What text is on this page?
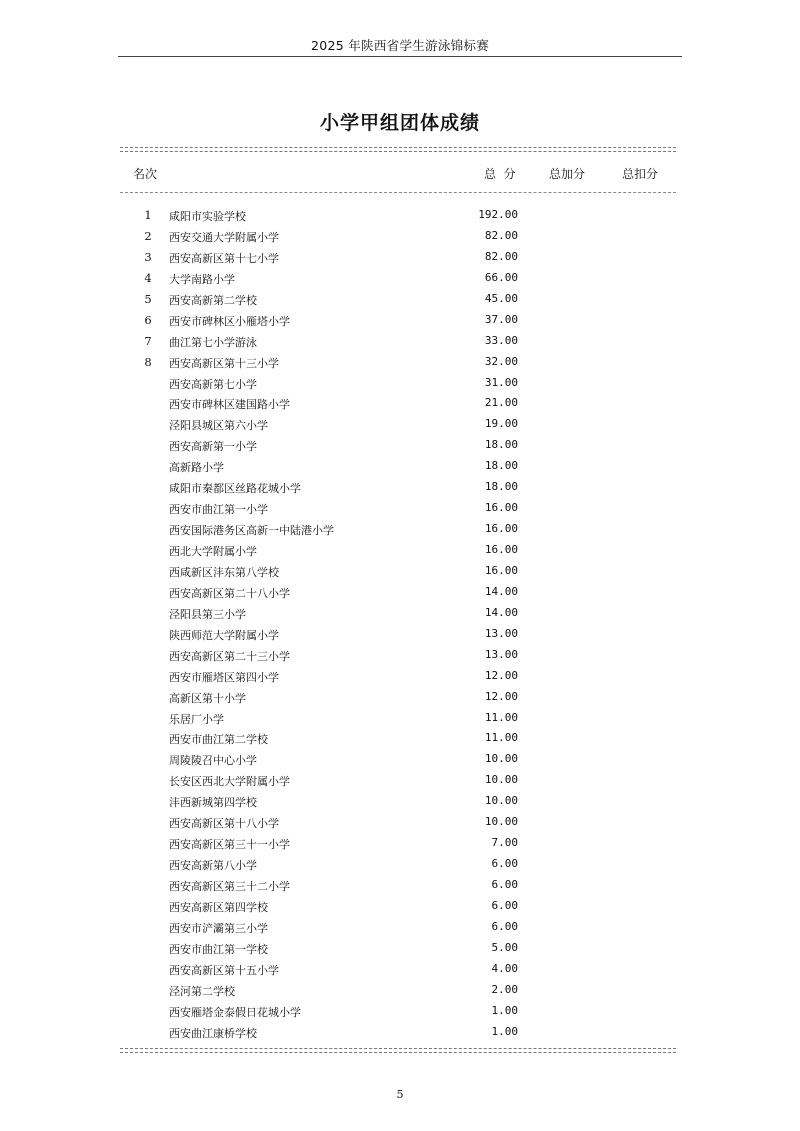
2025 年陕西省学生游泳锦标赛
小学甲组团体成绩
名次	总  分	总加分	总扣分
1 咸阳市实验学校	192.00
2 西安交通大学附属小学	82.00
3 西安高新区第十七小学	82.00
4 大学南路小学	66.00
5 西安高新第二学校	45.00
6 西安市碑林区小雁塔小学	37.00
7 曲江第七小学游泳	33.00
8 西安高新区第十三小学	32.00
西安高新第七小学	31.00
西安市碑林区建国路小学	21.00
泾阳县城区第六小学	19.00
西安高新第一小学	18.00
高新路小学	18.00
咸阳市秦都区丝路花城小学	18.00
西安市曲江第一小学	16.00
西安国际港务区高新一中陆港小学	16.00
西北大学附属小学	16.00
西咸新区沣东第八学校	16.00
西安高新区第二十八小学	14.00
泾阳县第三小学	14.00
陕西师范大学附属小学	13.00
西安高新区第二十三小学	13.00
西安市雁塔区第四小学	12.00
高新区第十小学	12.00
乐居厂小学	11.00
西安市曲江第二学校	11.00
周陵陵召中心小学	10.00
长安区西北大学附属小学	10.00
沣西新城第四学校	10.00
西安高新区第十八小学	10.00
西安高新区第三十一小学	7.00
西安高新第八小学	6.00
西安高新区第三十二小学	6.00
西安高新区第四学校	6.00
西安市浐灞第三小学	6.00
西安市曲江第一学校	5.00
西安高新区第十五小学	4.00
泾河第二学校	2.00
西安雁塔金泰假日花城小学	1.00
西安曲江康桥学校	1.00
5
